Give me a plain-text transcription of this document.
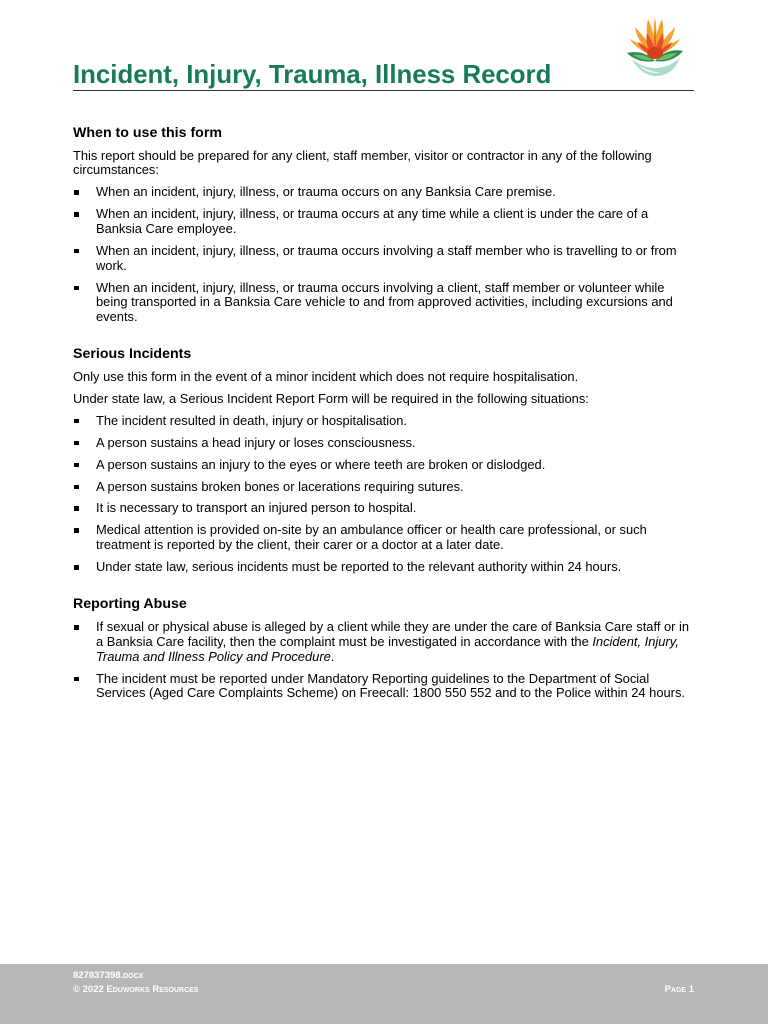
Incident, Injury, Trauma, Illness Record
When to use this form

This report should be prepared for any client, staff member, visitor or contractor in any of the following circumstances:

When an incident, injury, illness, or trauma occurs on any Banksia Care premise.
When an incident, injury, illness, or trauma occurs at any time while a client is under the care of a Banksia Care employee.
When an incident, injury, illness, or trauma occurs involving a staff member who is travelling to or from work.
When an incident, injury, illness, or trauma occurs involving a client, staff member or volunteer while being transported in a Banksia Care vehicle to and from approved activities, including excursions and events.
Serious Incidents

Only use this form in the event of a minor incident which does not require hospitalisation.

Under state law, a Serious Incident Report Form will be required in the following situations:

The incident resulted in death, injury or hospitalisation.
A person sustains a head injury or loses consciousness.
A person sustains an injury to the eyes or where teeth are broken or dislodged.
A person sustains broken bones or lacerations requiring sutures.
It is necessary to transport an injured person to hospital.
Medical attention is provided on-site by an ambulance officer or health care professional, or such treatment is reported by the client, their carer or a doctor at a later date.
Under state law, serious incidents must be reported to the relevant authority within 24 hours.
Reporting Abuse
If sexual or physical abuse is alleged by a client while they are under the care of Banksia Care staff or in a Banksia Care facility, then the complaint must be investigated in accordance with the Incident, Injury, Trauma and Illness Policy and Procedure.
The incident must be reported under Mandatory Reporting guidelines to the Department of Social Services (Aged Care Complaints Scheme) on Freecall: 1800 550 552 and to the Police within 24 hours.
827837398.docx
© 2022 Eduworks Resources	Page 1
